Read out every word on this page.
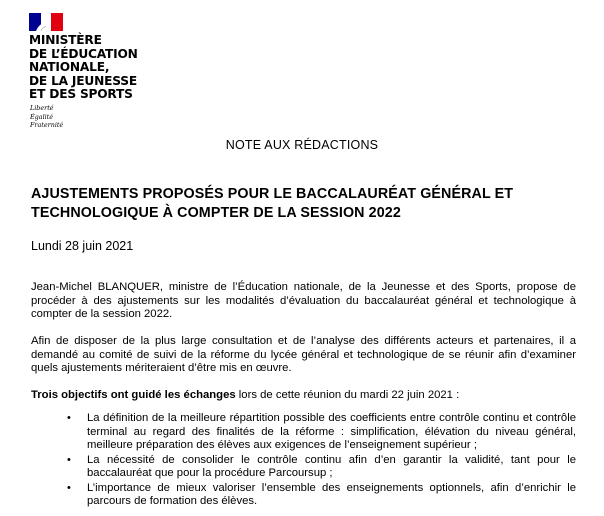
MINISTÈRE
DE L’ÉDUCATION
NATIONALE,
DE LA JEUNESSE
ET DES SPORTS
Liberté
Égalité
Fraternité
NOTE AUX RÉDACTIONS
AJUSTEMENTS PROPOSÉS POUR LE BACCALAURÉAT GÉNÉRAL ET TECHNOLOGIQUE À COMPTER DE LA SESSION 2022
Lundi 28 juin 2021
Jean-Michel BLANQUER, ministre de l’Éducation nationale, de la Jeunesse et des Sports, propose de procéder à des ajustements sur les modalités d’évaluation du baccalauréat général et technologique à compter de la session 2022.
Afin de disposer de la plus large consultation et de l’analyse des différents acteurs et partenaires, il a demandé au comité de suivi de la réforme du lycée général et technologique de se réunir afin d’examiner quels ajustements mériteraient d’être mis en œuvre.
Trois objectifs ont guidé les échanges lors de cette réunion du mardi 22 juin 2021 :
• La définition de la meilleure répartition possible des coefficients entre contrôle continu et contrôle terminal au regard des finalités de la réforme : simplification, élévation du niveau général, meilleure préparation des élèves aux exigences de l’enseignement supérieur ;
• La nécessité de consolider le contrôle continu afin d’en garantir la validité, tant pour le baccalauréat que pour la procédure Parcoursup ;
• L’importance de mieux valoriser l’ensemble des enseignements optionnels, afin d’enrichir le parcours de formation des élèves.
